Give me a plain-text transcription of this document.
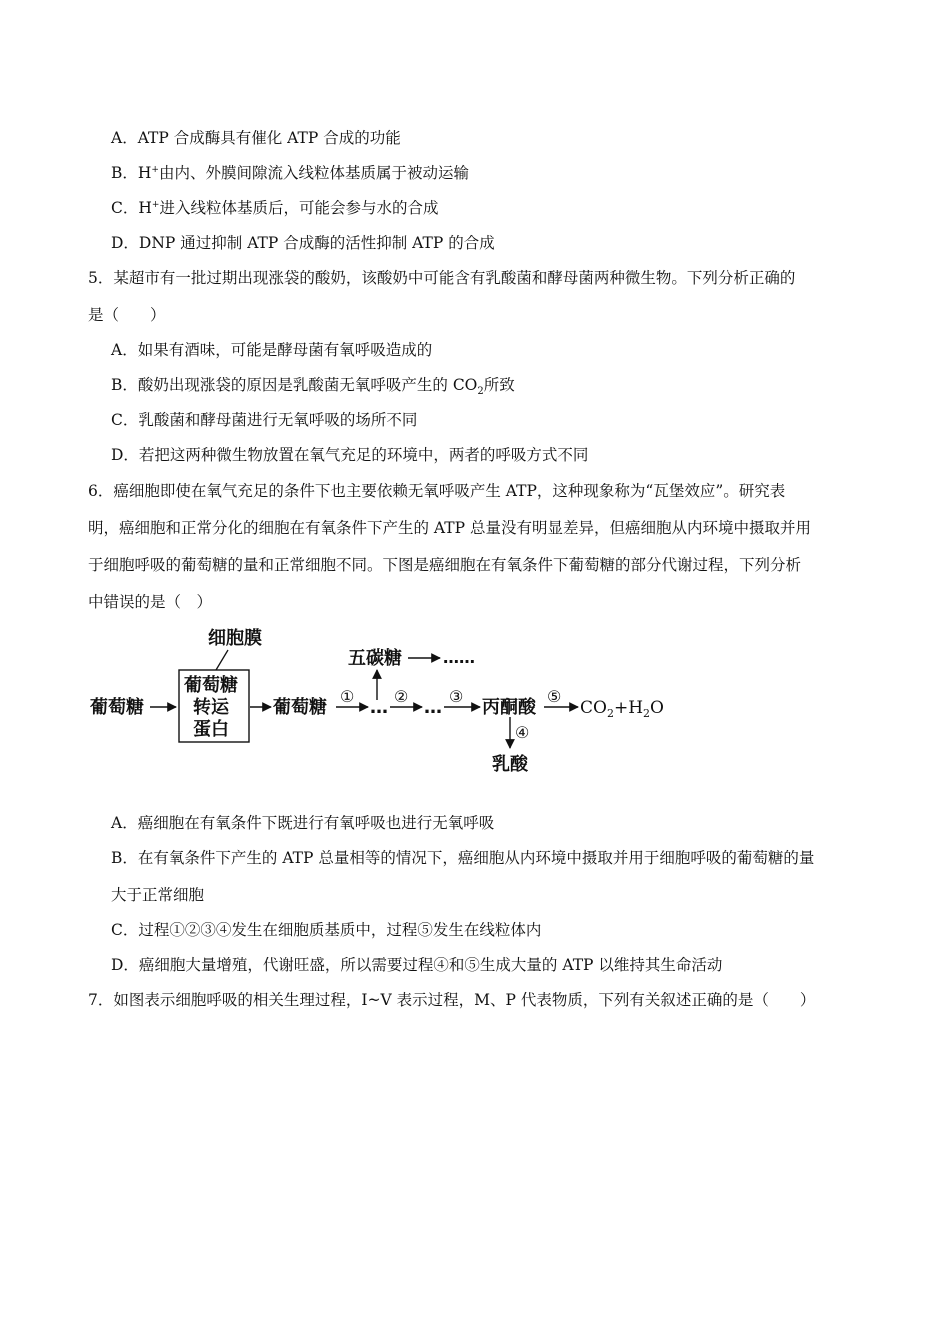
A．ATP 合成酶具有催化 ATP 合成的功能
B．H+由内、外膜间隙流入线粒体基质属于被动运输
C．H+进入线粒体基质后，可能会参与水的合成
D．DNP 通过抑制 ATP 合成酶的活性抑制 ATP 的合成
5．某超市有一批过期出现涨袋的酸奶，该酸奶中可能含有乳酸菌和酵母菌两种微生物。下列分析正确的
是（　　）
A．如果有酒味，可能是酵母菌有氧呼吸造成的
B．酸奶出现涨袋的原因是乳酸菌无氧呼吸产生的 $CO_2$所致
C．乳酸菌和酵母菌进行无氧呼吸的场所不同
D．若把这两种微生物放置在氧气充足的环境中，两者的呼吸方式不同
6．癌细胞即使在氧气充足的条件下也主要依赖无氧呼吸产生 ATP，这种现象称为“瓦堡效应”。研究表
明，癌细胞和正常分化的细胞在有氧条件下产生的 ATP 总量没有明显差异，但癌细胞从内环境中摄取并用
于细胞呼吸的葡萄糖的量和正常细胞不同。下图是癌细胞在有氧条件下葡萄糖的部分代谢过程，下列分析
中错误的是（　）
细胞膜
葡萄糖
葡萄糖
转运
蛋白
葡萄糖
①
…
五碳糖	……
②
…
③
丙酮酸
⑤
$CO_2+H_2O$
④
乳酸
A．癌细胞在有氧条件下既进行有氧呼吸也进行无氧呼吸
B．在有氧条件下产生的 ATP 总量相等的情况下，癌细胞从内环境中摄取并用于细胞呼吸的葡萄糖的量
大于正常细胞
C．过程①②③④发生在细胞质基质中，过程⑤发生在线粒体内
D．癌细胞大量增殖，代谢旺盛，所以需要过程④和⑤生成大量的 ATP 以维持其生命活动
7．如图表示细胞呼吸的相关生理过程，I~V 表示过程，M、P 代表物质，下列有关叙述正确的是（　　）
